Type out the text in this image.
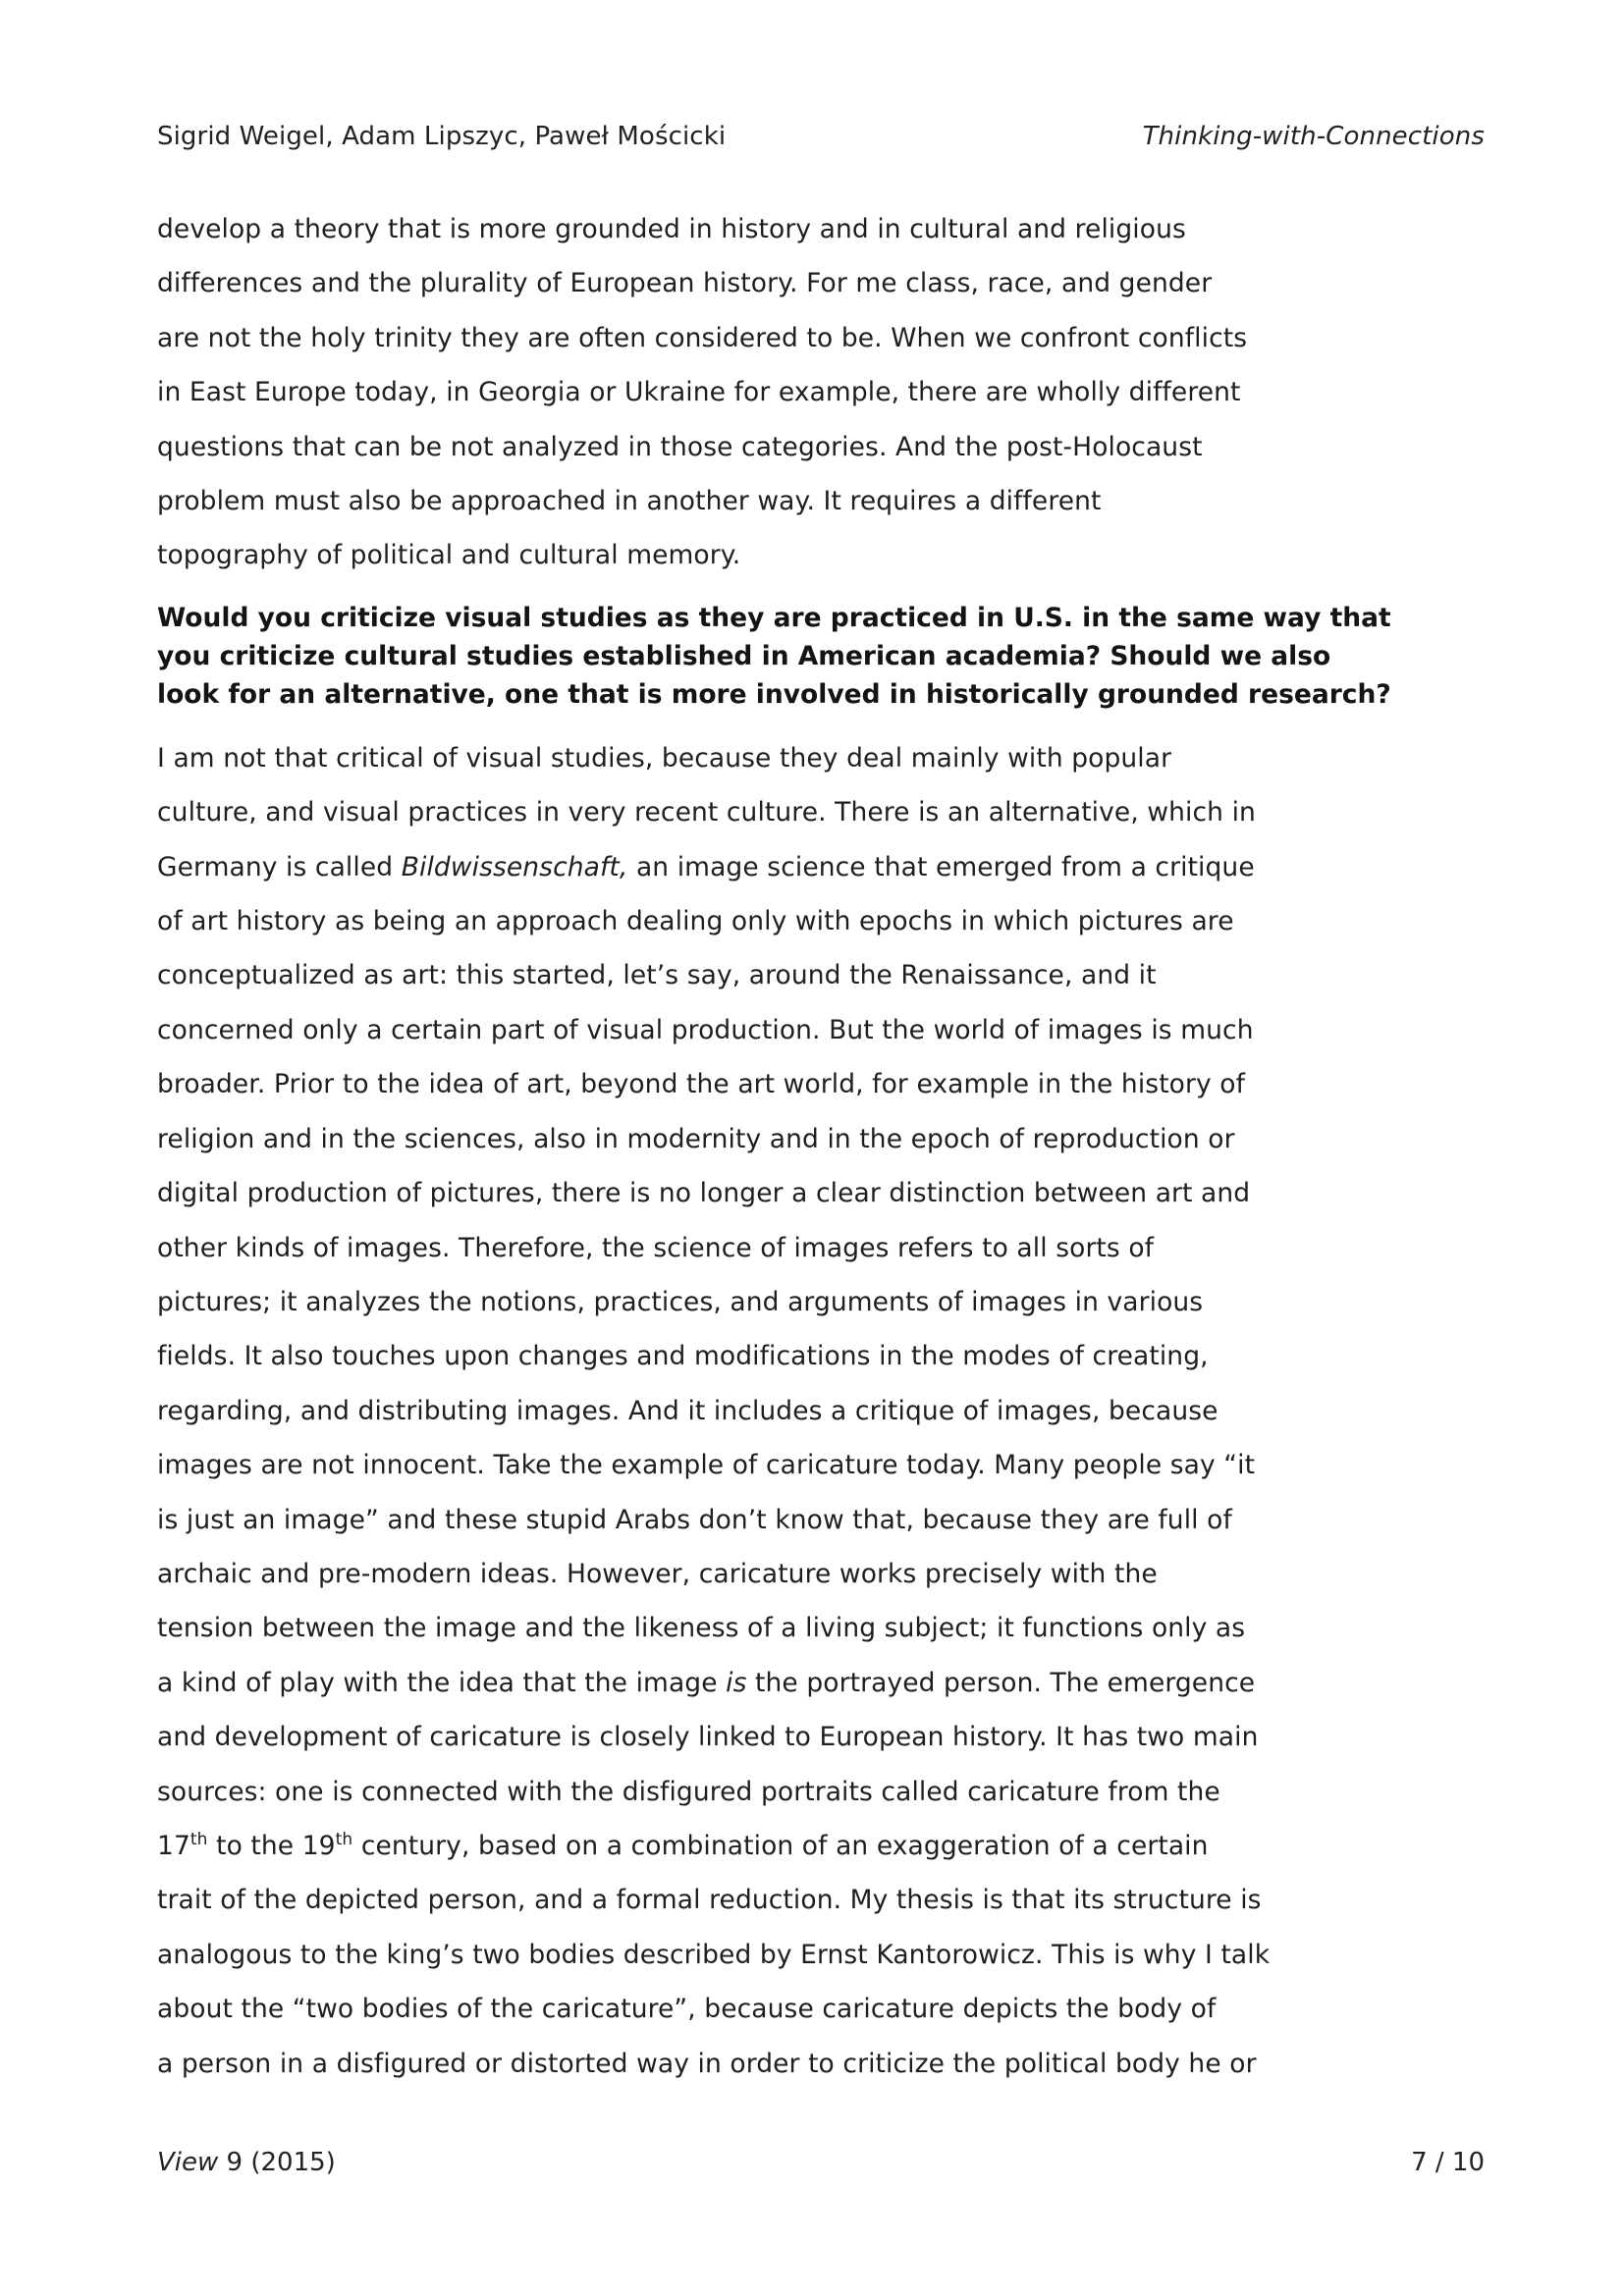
Sigrid Weigel, Adam Lipszyc, Paweł Mościcki	Thinking-with-Connections

develop a theory that is more grounded in history and in cultural and religious
differences and the plurality of European history. For me class, race, and gender
are not the holy trinity they are often considered to be. When we confront conflicts
in East Europe today, in Georgia or Ukraine for example, there are wholly different
questions that can be not analyzed in those categories. And the post-Holocaust
problem must also be approached in another way. It requires a different
topography of political and cultural memory.

Would you criticize visual studies as they are practiced in U.S. in the same way that
you criticize cultural studies established in American academia? Should we also
look for an alternative, one that is more involved in historically grounded research?

I am not that critical of visual studies, because they deal mainly with popular
culture, and visual practices in very recent culture. There is an alternative, which in
Germany is called Bildwissenschaft, an image science that emerged from a critique
of art history as being an approach dealing only with epochs in which pictures are
conceptualized as art: this started, let’s say, around the Renaissance, and it
concerned only a certain part of visual production. But the world of images is much
broader. Prior to the idea of art, beyond the art world, for example in the history of
religion and in the sciences, also in modernity and in the epoch of reproduction or
digital production of pictures, there is no longer a clear distinction between art and
other kinds of images. Therefore, the science of images refers to all sorts of
pictures; it analyzes the notions, practices, and arguments of images in various
fields. It also touches upon changes and modifications in the modes of creating,
regarding, and distributing images. And it includes a critique of images, because
images are not innocent. Take the example of caricature today. Many people say “it
is just an image” and these stupid Arabs don’t know that, because they are full of
archaic and pre-modern ideas. However, caricature works precisely with the
tension between the image and the likeness of a living subject; it functions only as
a kind of play with the idea that the image is the portrayed person. The emergence
and development of caricature is closely linked to European history. It has two main
sources: one is connected with the disfigured portraits called caricature from the
17th to the 19th century, based on a combination of an exaggeration of a certain
trait of the depicted person, and a formal reduction. My thesis is that its structure is
analogous to the king’s two bodies described by Ernst Kantorowicz. This is why I talk
about the “two bodies of the caricature”, because caricature depicts the body of
a person in a disfigured or distorted way in order to criticize the political body he or

View 9 (2015)	7 / 10
